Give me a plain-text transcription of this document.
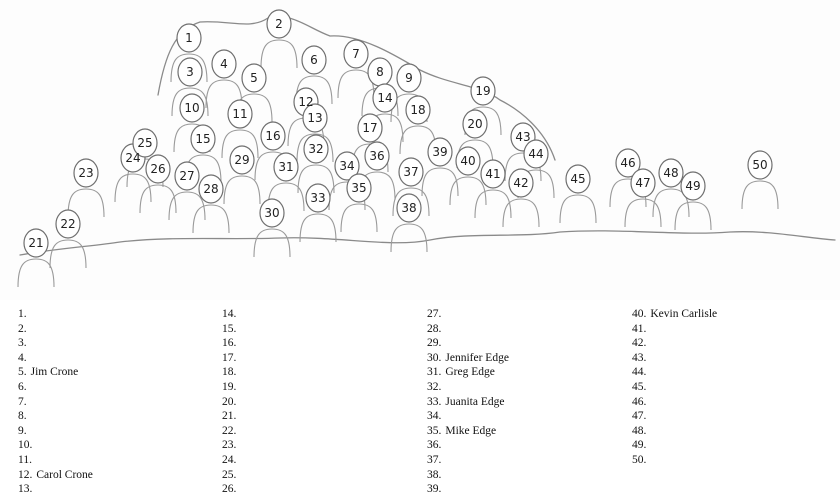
1
2
3
4
5
6	7
8 9
10	11
12
13
14
15	16
17
18
19
20
21
22
23
24
25
26 27
28
29
30
31
32
33
34
35
36
37
38
39
40
41
42
43
44
45
46
47
48
49
50
1.
2.
3.
4.
5. Jim Crone
6.
7.
8.
9.
10.
11.
12. Carol Crone
13.
14.
15.
16.
17.
18.
19.
20.
21.
22.
23.
24.
25.
26.
27.
28.
29.
30. Jennifer Edge
31. Greg Edge
32.
33. Juanita Edge
34.
35. Mike Edge
36.
37.
38.
39.
40. Kevin Carlisle
41.
42.
43.
44.
45.
46.
47.
48.
49.
50.
